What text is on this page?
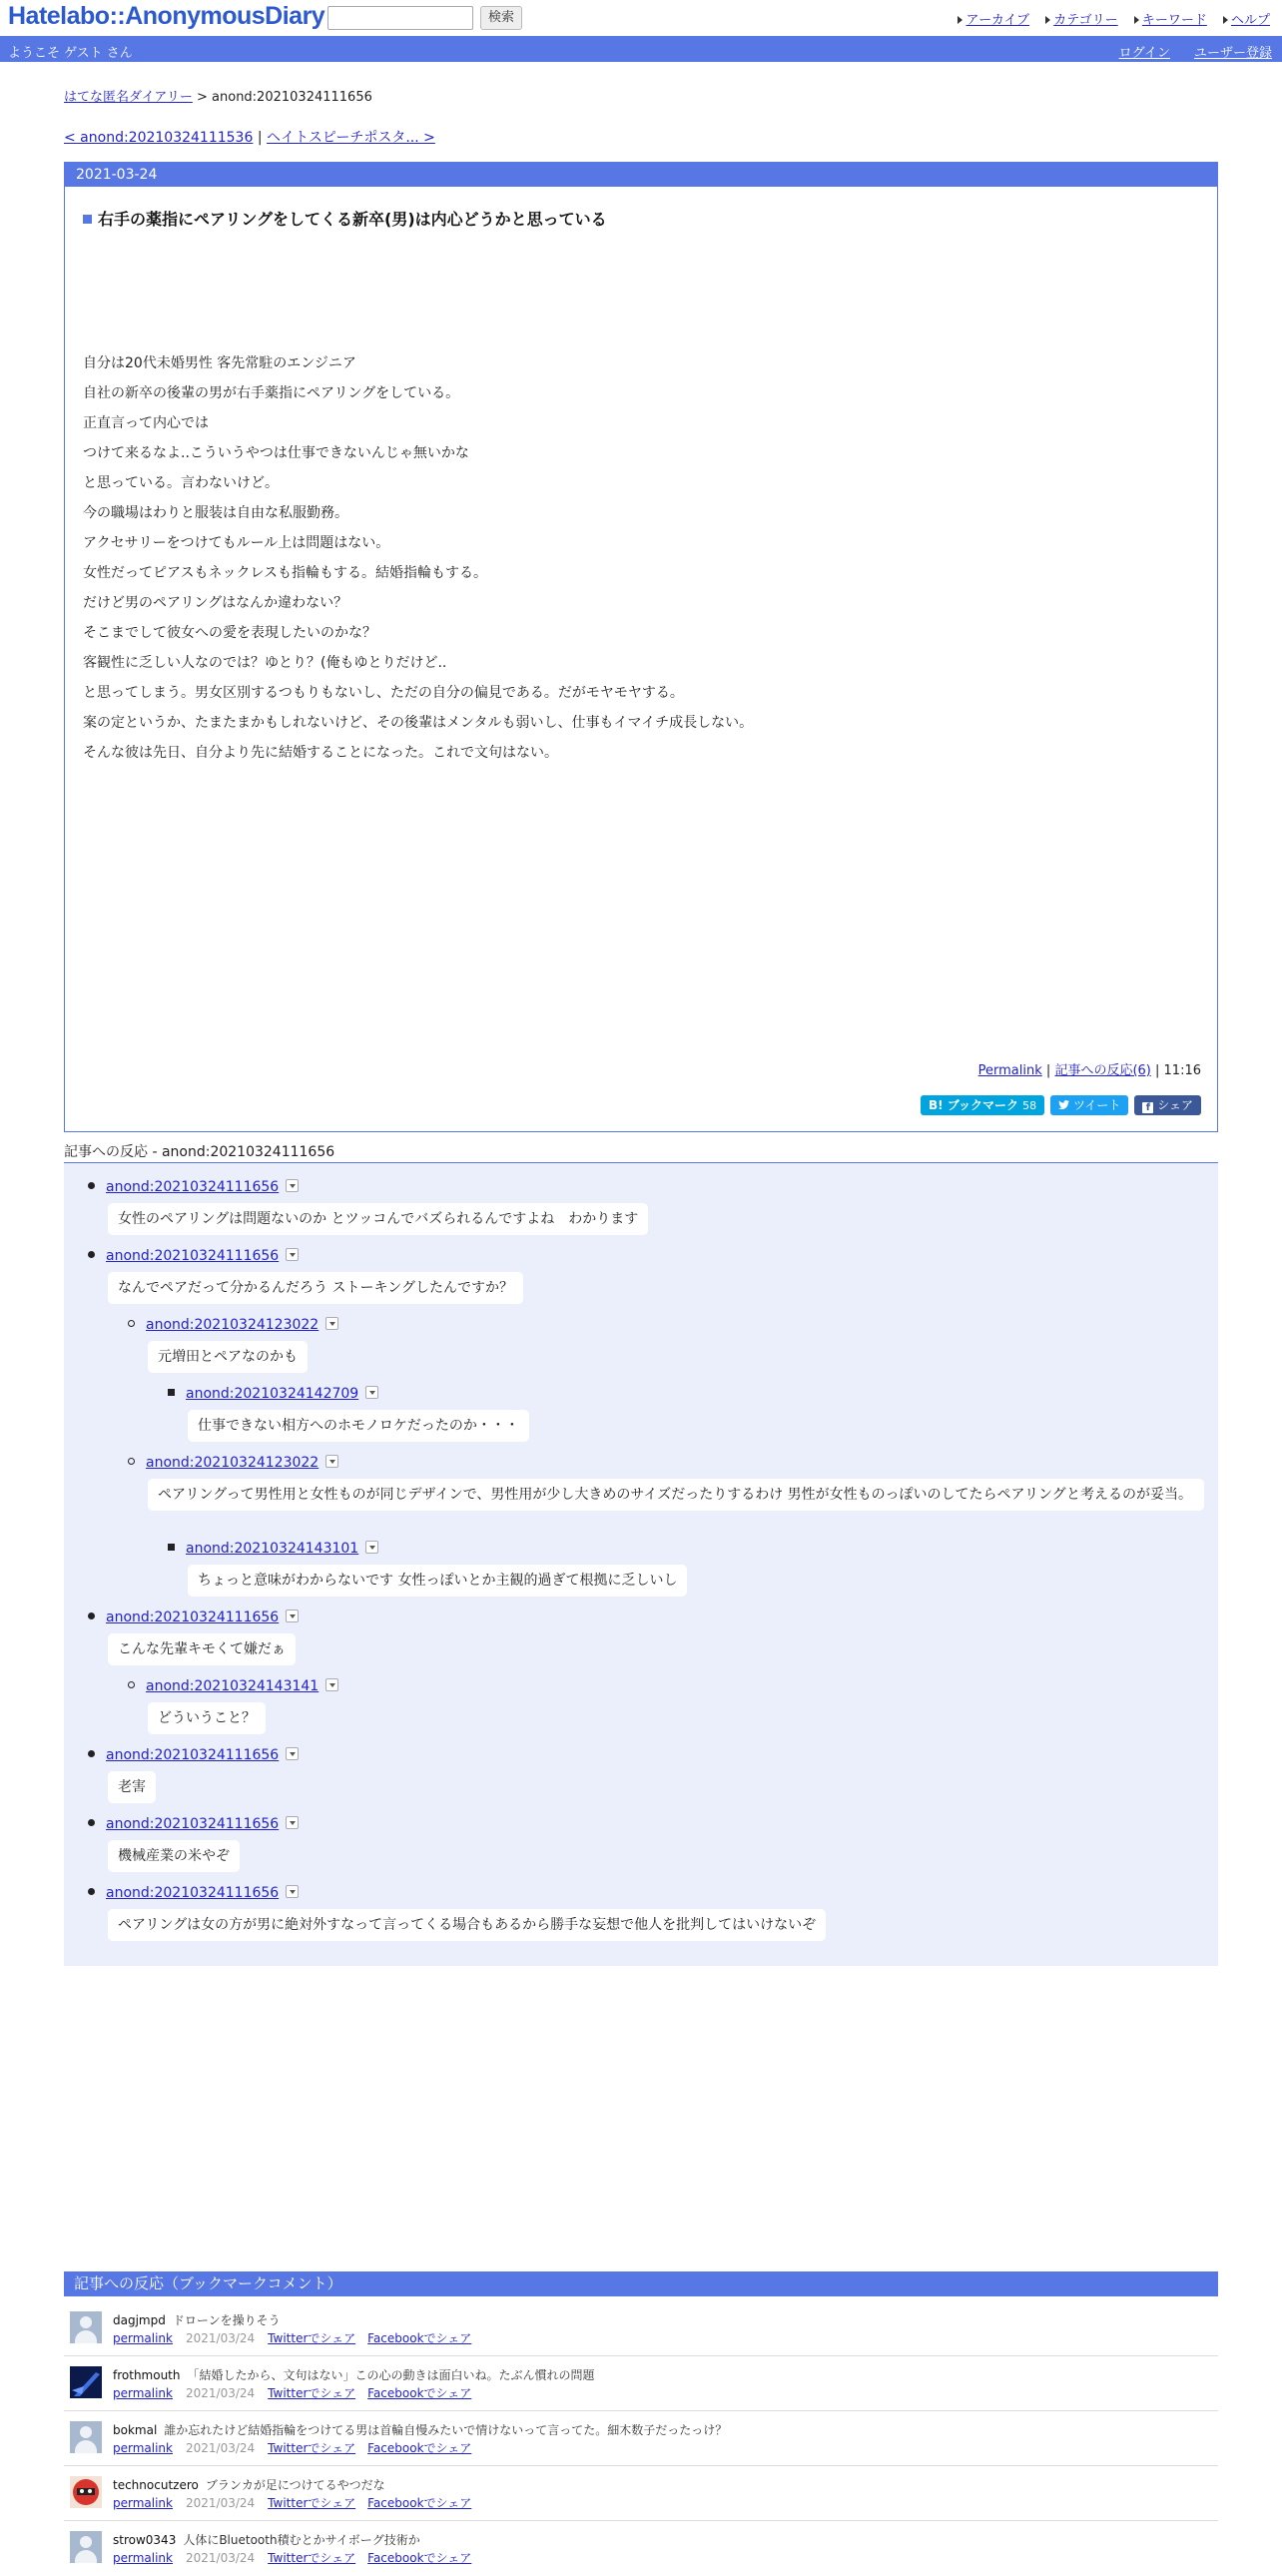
Hatelabo::AnonymousDiary	検索	アーカイブ カテゴリー キーワード ヘルプ
ようこそ ゲスト さん	ログイン ユーザー登録
はてな匿名ダイアリー > anond:20210324111656
< anond:20210324111536 | ヘイトスピーチポスタ... >
2021-03-24
右手の薬指にペアリングをしてくる新卒(男)は内心どうかと思っている
自分は20代未婚男性 客先常駐のエンジニア
自社の新卒の後輩の男が右手薬指にペアリングをしている。
正直言って内心では
つけて来るなよ..こういうやつは仕事できないんじゃ無いかな
と思っている。言わないけど。
今の職場はわりと服装は自由な私服勤務。
アクセサリーをつけてもルール上は問題はない。
女性だってピアスもネックレスも指輪もする。結婚指輪もする。
だけど男のペアリングはなんか違わない？
そこまでして彼女への愛を表現したいのかな？
客観性に乏しい人なのでは？ゆとり？(俺もゆとりだけど..
と思ってしまう。男女区別するつもりもないし、ただの自分の偏見である。だがモヤモヤする。
案の定というか、たまたまかもしれないけど、その後輩はメンタルも弱いし、仕事もイマイチ成長しない。
そんな彼は先日、自分より先に結婚することになった。これで文句はない。
Permalink | 記事への反応(6) | 11:16
B! ブックマーク 58	ツイート	f シェア
記事への反応 - anond:20210324111656
anond:20210324111656
女性のペアリングは問題ないのか とツッコんでバズられるんですよね　わかります
anond:20210324111656
なんでペアだって分かるんだろう ストーキングしたんですか？
anond:20210324123022
元増田とペアなのかも
anond:20210324142709
仕事できない相方へのホモノロケだったのか・・・
anond:20210324123022
ペアリングって男性用と女性ものが同じデザインで、男性用が少し大きめのサイズだったりするわけ 男性が女性ものっぽいのしてたらペアリングと考えるのが妥当。
anond:20210324143101
ちょっと意味がわからないです 女性っぽいとか主観的過ぎて根拠に乏しいし
anond:20210324111656
こんな先輩キモくて嫌だぁ
anond:20210324143141
どういうこと？
anond:20210324111656
老害
anond:20210324111656
機械産業の米やぞ
anond:20210324111656
ペアリングは女の方が男に絶対外すなって言ってくる場合もあるから勝手な妄想で他人を批判してはいけないぞ
記事への反応（ブックマークコメント）
dagjmpd ドローンを操りそう
permalink 2021/03/24 Twitterでシェア Facebookでシェア
frothmouth 「結婚したから、文句はない」この心の動きは面白いね。たぶん慣れの問題
permalink 2021/03/24 Twitterでシェア Facebookでシェア
bokmal 誰か忘れたけど結婚指輪をつけてる男は首輪自慢みたいで情けないって言ってた。細木数子だったっけ？
permalink 2021/03/24 Twitterでシェア Facebookでシェア
technocutzero ブランカが足につけてるやつだな
permalink 2021/03/24 Twitterでシェア Facebookでシェア
strow0343 人体にBluetooth積むとかサイボーグ技術か
permalink 2021/03/24 Twitterでシェア Facebookでシェア
